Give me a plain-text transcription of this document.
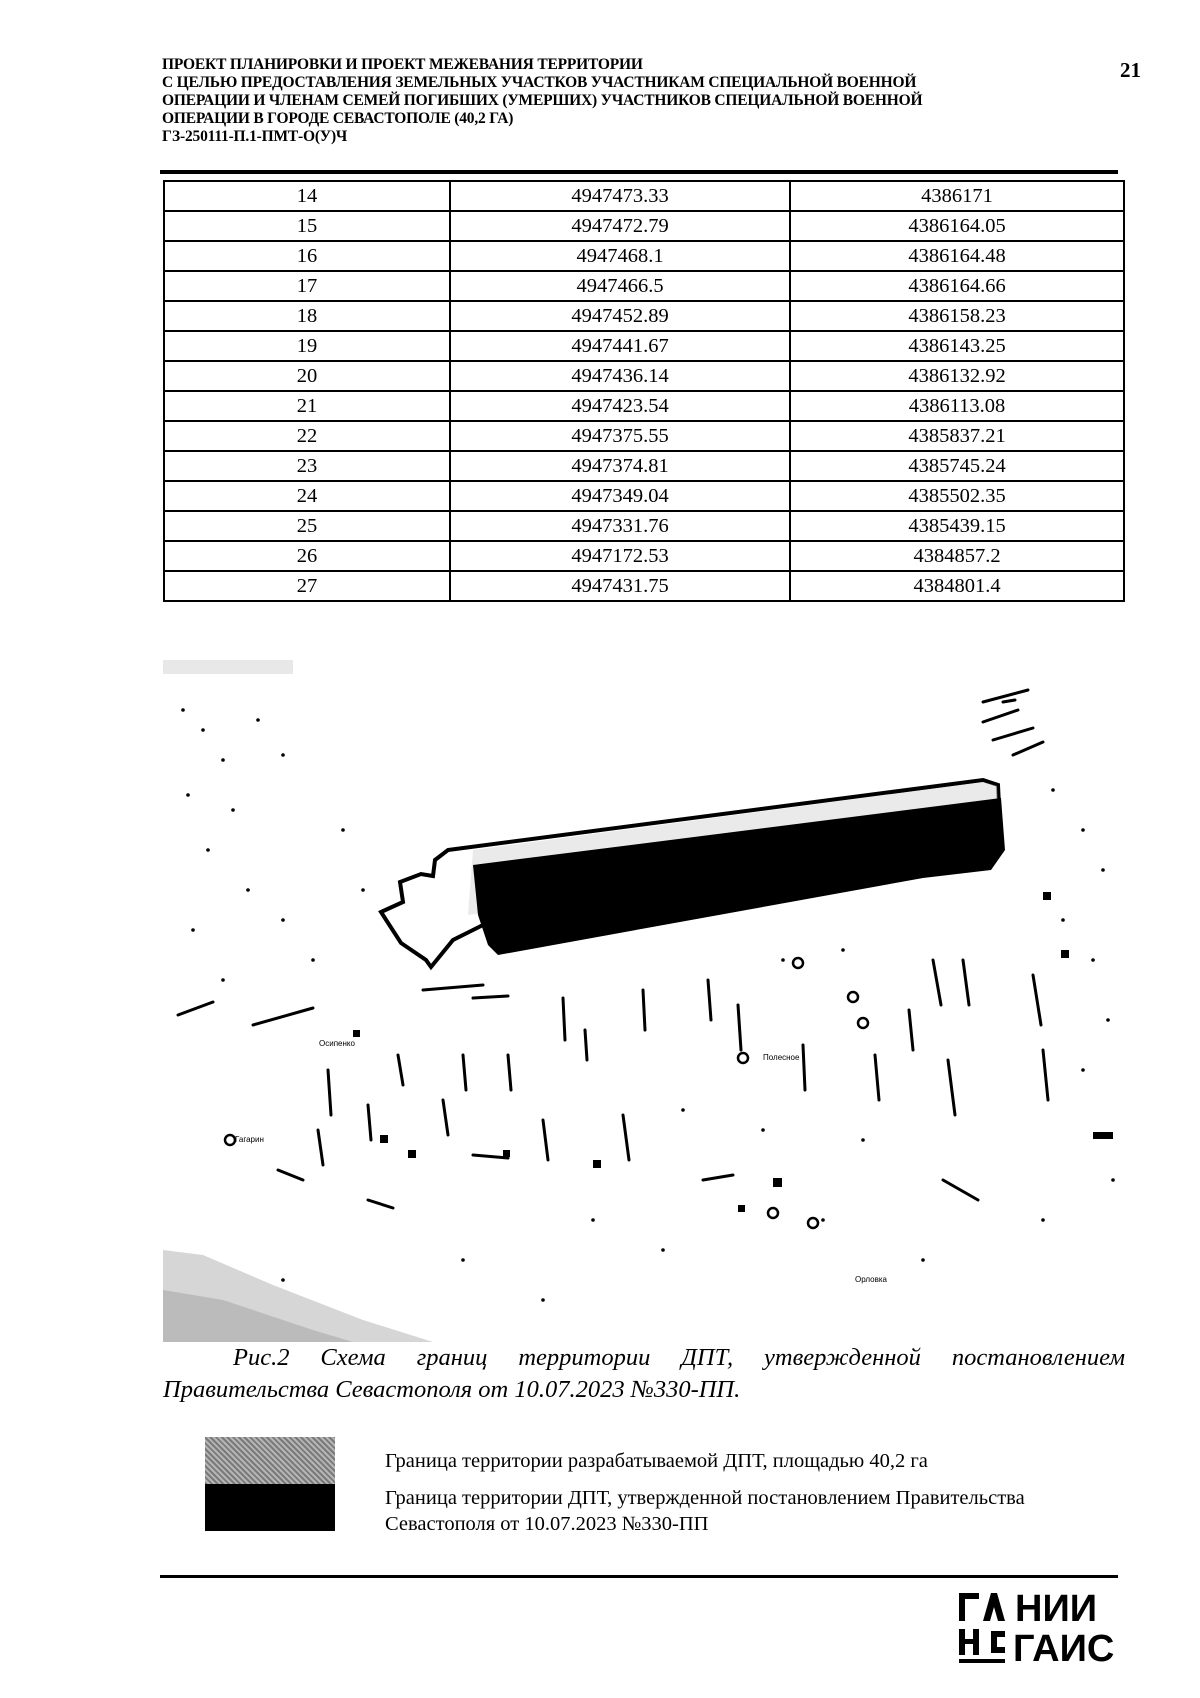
ПРОЕКТ ПЛАНИРОВКИ И ПРОЕКТ МЕЖЕВАНИЯ ТЕРРИТОРИИ
С ЦЕЛЬЮ ПРЕДОСТАВЛЕНИЯ ЗЕМЕЛЬНЫХ УЧАСТКОВ УЧАСТНИКАМ СПЕЦИАЛЬНОЙ ВОЕННОЙ
ОПЕРАЦИИ И ЧЛЕНАМ СЕМЕЙ ПОГИБШИХ (УМЕРШИХ) УЧАСТНИКОВ СПЕЦИАЛЬНОЙ ВОЕННОЙ
ОПЕРАЦИИ В ГОРОДЕ СЕВАСТОПОЛЕ (40,2 ГА)
ГЗ-250111-П.1-ПМТ-О(У)Ч
21
14	4947473.33	4386171
15	4947472.79	4386164.05
16	4947468.1	4386164.48
17	4947466.5	4386164.66
18	4947452.89	4386158.23
19	4947441.67	4386143.25
20	4947436.14	4386132.92
21	4947423.54	4386113.08
22	4947375.55	4385837.21
23	4947374.81	4385745.24
24	4947349.04	4385502.35
25	4947331.76	4385439.15
26	4947172.53	4384857.2
27	4947431.75	4384801.4
Осипенко
Полесное
Гагарин
Орловка
Рис.2 Схема границ территории ДПТ, утвержденной постановлением
Правительства Севастополя от 10.07.2023 №330-ПП.
Граница территории разрабатываемой ДПТ, площадью 40,2 га
Граница территории ДПТ, утвержденной постановлением Правительства Севастополя от 10.07.2023 №330-ПП
НИИ
ГАИС
